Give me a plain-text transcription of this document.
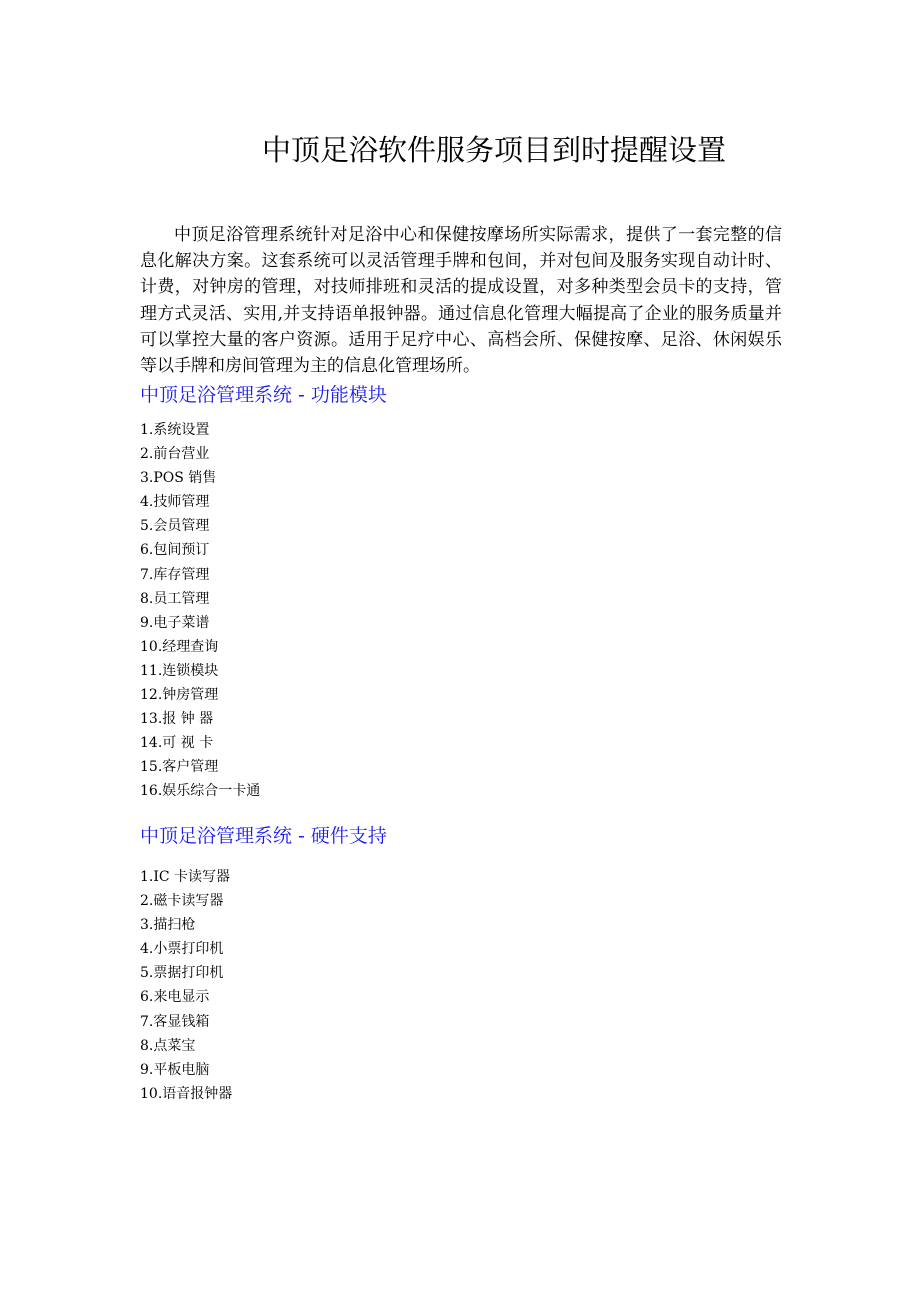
中顶足浴软件服务项目到时提醒设置

中顶足浴管理系统针对足浴中心和保健按摩场所实际需求，提供了一套完整的信息化解决方案。这套系统可以灵活管理手牌和包间，并对包间及服务实现自动计时、计费，对钟房的管理，对技师排班和灵活的提成设置，对多种类型会员卡的支持，管理方式灵活、实用,并支持语单报钟器。通过信息化管理大幅提高了企业的服务质量并可以掌控大量的客户资源。适用于足疗中心、高档会所、保健按摩、足浴、休闲娱乐等以手牌和房间管理为主的信息化管理场所。

中顶足浴管理系统 - 功能模块
1.系统设置
2.前台营业
3.POS 销售
4.技师管理
5.会员管理
6.包间预订
7.库存管理
8.员工管理
9.电子菜谱
10.经理查询
11.连锁模块
12.钟房管理
13.报 钟 器
14.可 视 卡
15.客户管理
16.娱乐综合一卡通
中顶足浴管理系统 - 硬件支持
1.IC 卡读写器
2.磁卡读写器
3.描扫枪
4.小票打印机
5.票据打印机
6.来电显示
7.客显钱箱
8.点菜宝
9.平板电脑
10.语音报钟器
